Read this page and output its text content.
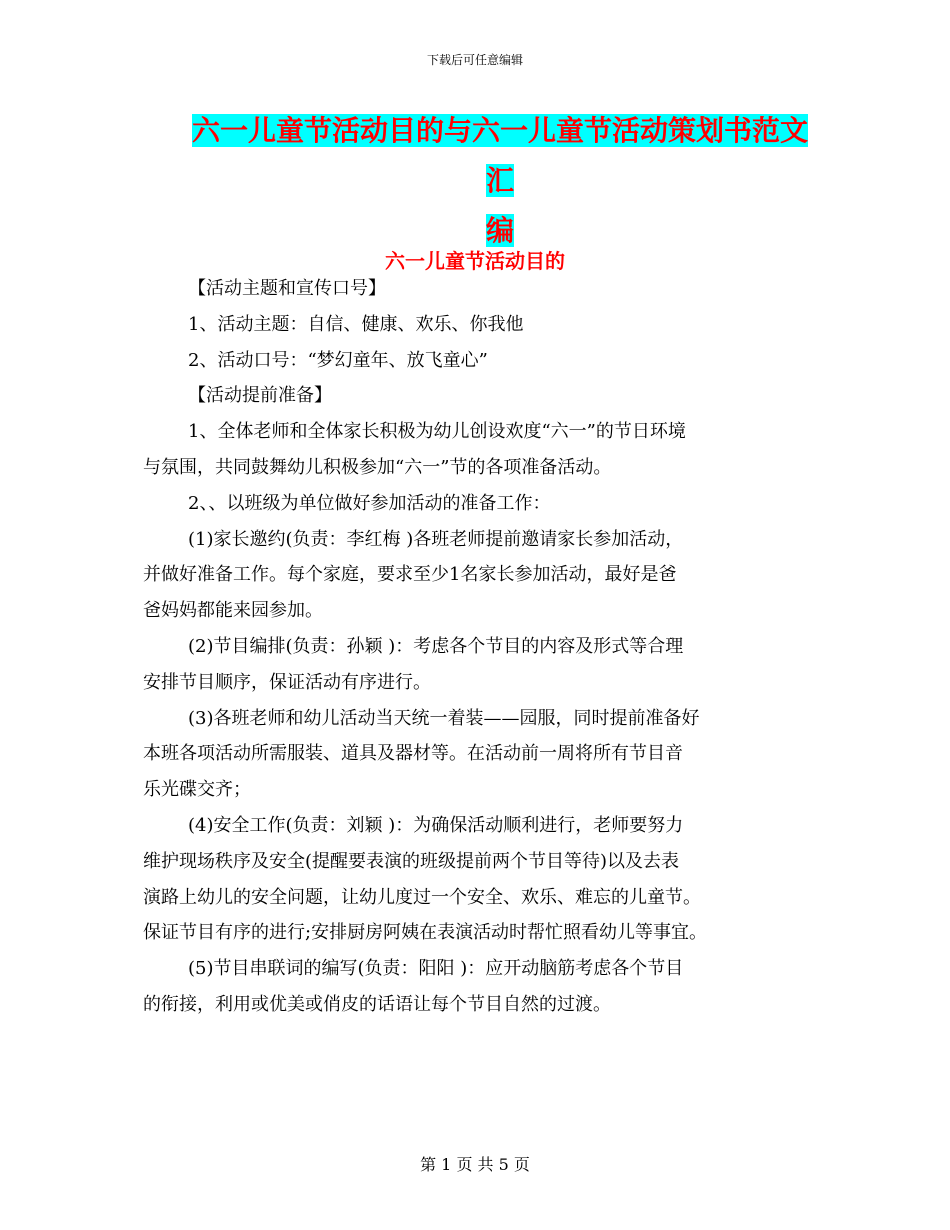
下载后可任意编辑
六一儿童节活动目的与六一儿童节活动策划书范文汇
编
六一儿童节活动目的

【活动主题和宣传口号】

1、活动主题：自信、健康、欢乐、你我他

2、活动口号：“梦幻童年、放飞童心”

【活动提前准备】

1、全体老师和全体家长积极为幼儿创设欢度“六一”的节日环境

与氛围，共同鼓舞幼儿积极参加“六一”节的各项准备活动。

2、、以班级为单位做好参加活动的准备工作：

(1)家长邀约(负责：李红梅 )各班老师提前邀请家长参加活动，

并做好准备工作。每个家庭，要求至少1名家长参加活动，最好是爸

爸妈妈都能来园参加。

(2)节目编排(负责：孙颖 )：考虑各个节目的内容及形式等合理

安排节目顺序，保证活动有序进行。

(3)各班老师和幼儿活动当天统一着装——园服，同时提前准备好

本班各项活动所需服装、道具及器材等。在活动前一周将所有节目音

乐光碟交齐；

(4)安全工作(负责：刘颖 )：为确保活动顺利进行，老师要努力

维护现场秩序及安全(提醒要表演的班级提前两个节目等待)以及去表

演路上幼儿的安全问题，让幼儿度过一个安全、欢乐、难忘的儿童节。

保证节目有序的进行;安排厨房阿姨在表演活动时帮忙照看幼儿等事宜。

(5)节目串联词的编写(负责：阳阳 )：应开动脑筋考虑各个节目

的衔接，利用或优美或俏皮的话语让每个节目自然的过渡。

第 1 页 共 5 页
